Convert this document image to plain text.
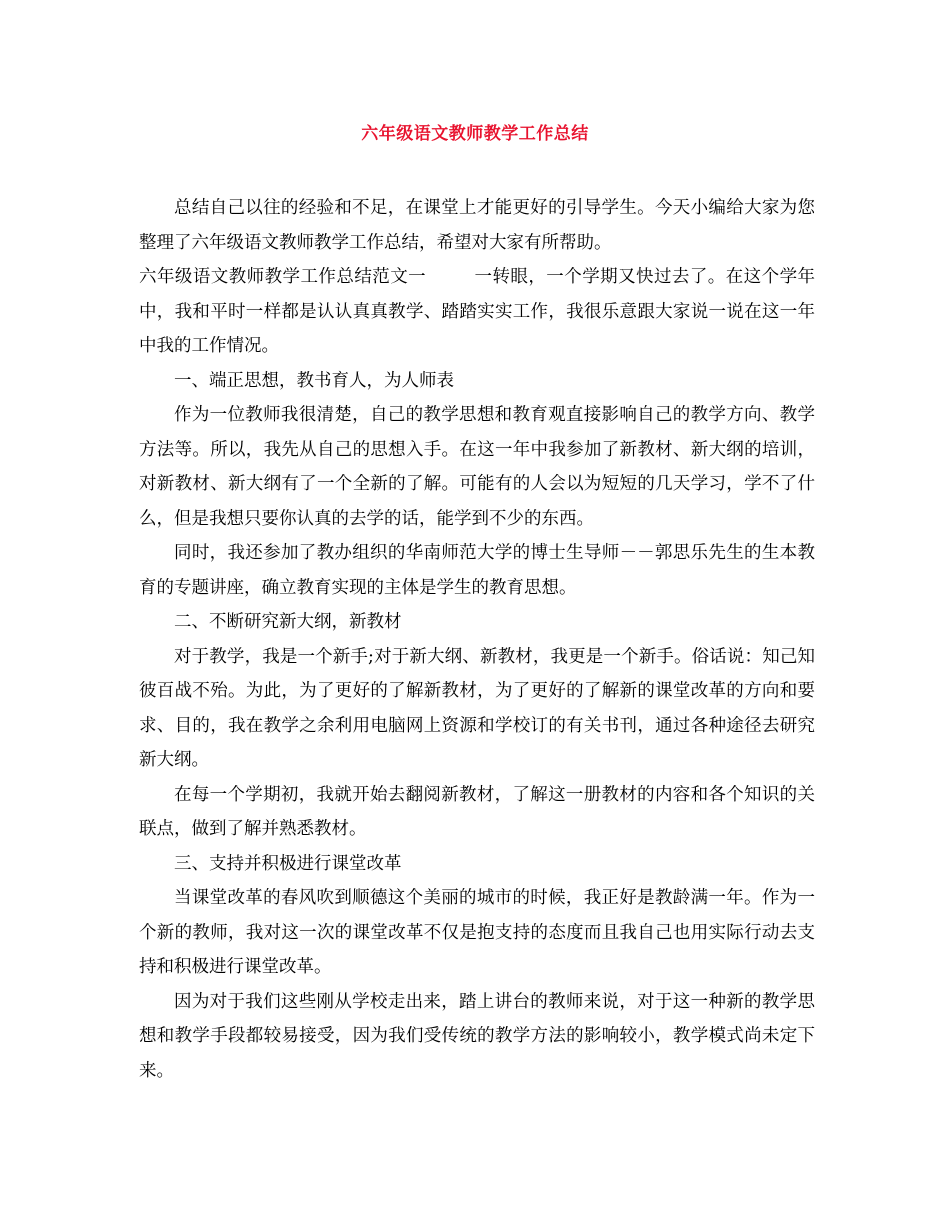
六年级语文教师教学工作总结

总结自己以往的经验和不足，在课堂上才能更好的引导学生。今天小编给大家为您整理了六年级语文教师教学工作总结，希望对大家有所帮助。

六年级语文教师教学工作总结范文一	一转眼，一个学期又快过去了。在这个学年中，我和平时一样都是认认真真教学、踏踏实实工作，我很乐意跟大家说一说在这一年中我的工作情况。

一、端正思想，教书育人，为人师表

作为一位教师我很清楚，自己的教学思想和教育观直接影响自己的教学方向、教学方法等。所以，我先从自己的思想入手。在这一年中我参加了新教材、新大纲的培训，对新教材、新大纲有了一个全新的了解。可能有的人会以为短短的几天学习，学不了什么，但是我想只要你认真的去学的话，能学到不少的东西。

同时，我还参加了教办组织的华南师范大学的博士生导师－－郭思乐先生的生本教育的专题讲座，确立教育实现的主体是学生的教育思想。

二、不断研究新大纲，新教材

对于教学，我是一个新手;对于新大纲、新教材，我更是一个新手。俗话说：知己知彼百战不殆。为此，为了更好的了解新教材，为了更好的了解新的课堂改革的方向和要求、目的，我在教学之余利用电脑网上资源和学校订的有关书刊，通过各种途径去研究新大纲。

在每一个学期初，我就开始去翻阅新教材，了解这一册教材的内容和各个知识的关联点，做到了解并熟悉教材。

三、支持并积极进行课堂改革

当课堂改革的春风吹到顺德这个美丽的城市的时候，我正好是教龄满一年。作为一个新的教师，我对这一次的课堂改革不仅是抱支持的态度而且我自己也用实际行动去支持和积极进行课堂改革。

因为对于我们这些刚从学校走出来，踏上讲台的教师来说，对于这一种新的教学思想和教学手段都较易接受，因为我们受传统的教学方法的影响较小，教学模式尚未定下来。
